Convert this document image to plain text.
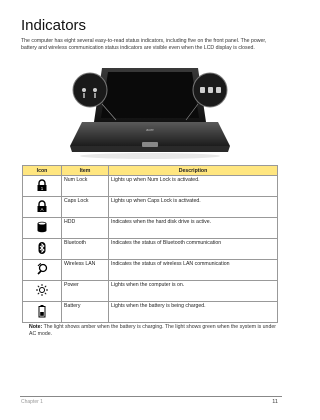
Indicators
The computer has eight several easy-to-read status indicators, including five on the front panel. The power, battery and wireless communication status indicators are visible even when the LCD display is closed.
acer
Icon	Item	Description

1	Num Lock	Lights up when Num Lock is activated.

A	Caps Lock	Lights up when Caps Lock is activated.
	HDD	Indicates when the hard disk drive is active.
	Bluetooth	Indicates the status of Bluetooth communication
	Wireless LAN	Indicates the status of wireless LAN communication
	Power	Lights when the computer is on.
	Battery	Lights when the battery is being charged.
Note: The light shows amber when the battery is charging. The light shows green when the system is under AC mode.
Chapter 1	11
